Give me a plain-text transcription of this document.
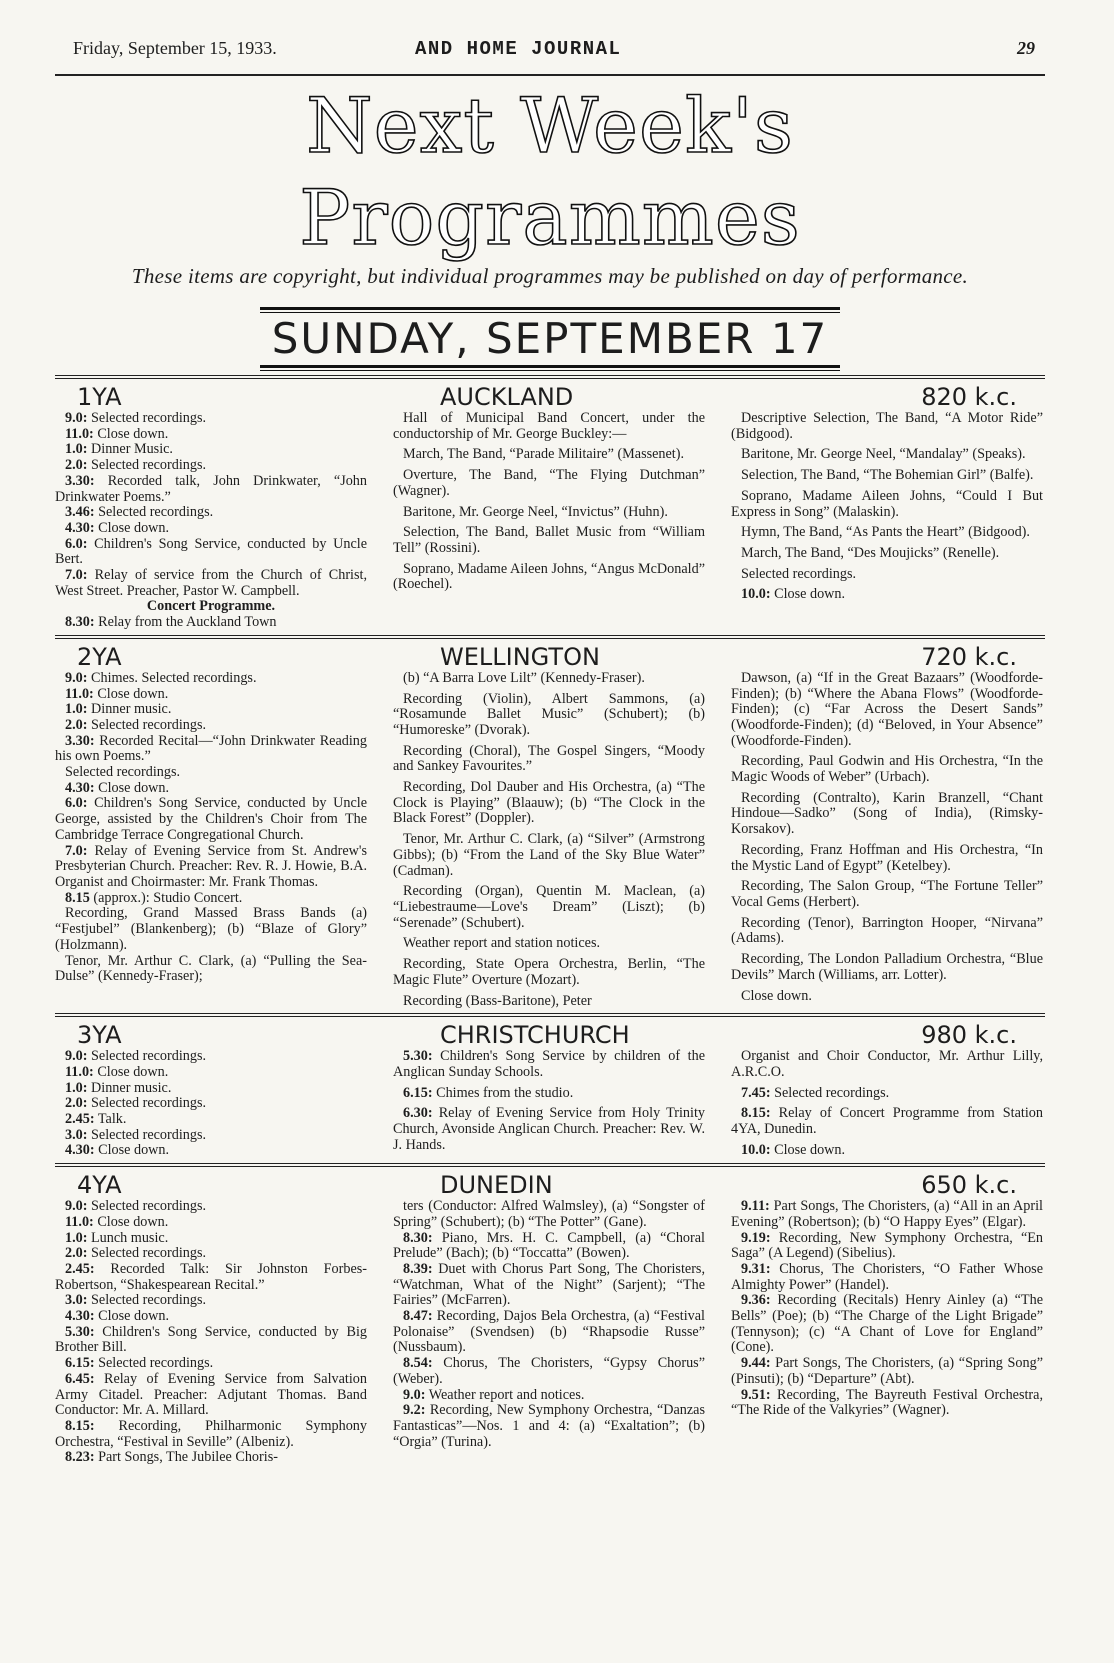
Friday, September 15, 1933.	AND HOME JOURNAL	29
Next Week's Programmes
These items are copyright, but individual programmes may be published on day of performance.
SUNDAY, SEPTEMBER 17
1YA	AUCKLAND	820 k.c.

9.0: Selected recordings.

11.0: Close down.

1.0: Dinner Music.

2.0: Selected recordings.

3.30: Recorded talk, John Drinkwater, “John Drinkwater Poems.”

3.46: Selected recordings.

4.30: Close down.

6.0: Children's Song Service, conducted by Uncle Bert.

7.0: Relay of service from the Church of Christ, West Street. Preacher, Pastor W. Campbell.

Concert Programme.

8.30: Relay from the Auckland Town

Hall of Municipal Band Concert, under the conductorship of Mr. George Buckley:—

March, The Band, “Parade Militaire” (Massenet).

Overture, The Band, “The Flying Dutchman” (Wagner).

Baritone, Mr. George Neel, “Invictus” (Huhn).

Selection, The Band, Ballet Music from “William Tell” (Rossini).

Soprano, Madame Aileen Johns, “Angus McDonald” (Roechel).

Descriptive Selection, The Band, “A Motor Ride” (Bidgood).

Baritone, Mr. George Neel, “Mandalay” (Speaks).

Selection, The Band, “The Bohemian Girl” (Balfe).

Soprano, Madame Aileen Johns, “Could I But Express in Song” (Malaskin).

Hymn, The Band, “As Pants the Heart” (Bidgood).

March, The Band, “Des Moujicks” (Renelle).

Selected recordings.

10.0: Close down.

2YA	WELLINGTON	720 k.c.

9.0: Chimes. Selected recordings.

11.0: Close down.

1.0: Dinner music.

2.0: Selected recordings.

3.30: Recorded Recital—“John Drinkwater Reading his own Poems.”

Selected recordings.

4.30: Close down.

6.0: Children's Song Service, conducted by Uncle George, assisted by the Children's Choir from The Cambridge Terrace Congregational Church.

7.0: Relay of Evening Service from St. Andrew's Presbyterian Church. Preacher: Rev. R. J. Howie, B.A. Organist and Choirmaster: Mr. Frank Thomas.

8.15 (approx.): Studio Concert.

Recording, Grand Massed Brass Bands (a) “Festjubel” (Blankenberg); (b) “Blaze of Glory” (Holzmann).

Tenor, Mr. Arthur C. Clark, (a) “Pulling the Sea-Dulse” (Kennedy-Fraser);

(b) “A Barra Love Lilt” (Kennedy-Fraser).

Recording (Violin), Albert Sammons, (a) “Rosamunde Ballet Music” (Schubert); (b) “Humoreske” (Dvorak).

Recording (Choral), The Gospel Singers, “Moody and Sankey Favourites.”

Recording, Dol Dauber and His Orchestra, (a) “The Clock is Playing” (Blaauw); (b) “The Clock in the Black Forest” (Doppler).

Tenor, Mr. Arthur C. Clark, (a) “Silver” (Armstrong Gibbs); (b) “From the Land of the Sky Blue Water” (Cadman).

Recording (Organ), Quentin M. Maclean, (a) “Liebestraume—Love's Dream” (Liszt); (b) “Serenade” (Schubert).

Weather report and station notices.

Recording, State Opera Orchestra, Berlin, “The Magic Flute” Overture (Mozart).

Recording (Bass-Baritone), Peter

Dawson, (a) “If in the Great Bazaars” (Woodforde-Finden); (b) “Where the Abana Flows” (Woodforde-Finden); (c) “Far Across the Desert Sands” (Woodforde-Finden); (d) “Beloved, in Your Absence” (Woodforde-Finden).

Recording, Paul Godwin and His Orchestra, “In the Magic Woods of Weber” (Urbach).

Recording (Contralto), Karin Branzell, “Chant Hindoue—Sadko” (Song of India), (Rimsky-Korsakov).

Recording, Franz Hoffman and His Orchestra, “In the Mystic Land of Egypt” (Ketelbey).

Recording, The Salon Group, “The Fortune Teller” Vocal Gems (Herbert).

Recording (Tenor), Barrington Hooper, “Nirvana” (Adams).

Recording, The London Palladium Orchestra, “Blue Devils” March (Williams, arr. Lotter).

Close down.

3YA	CHRISTCHURCH	980 k.c.

9.0: Selected recordings.

11.0: Close down.

1.0: Dinner music.

2.0: Selected recordings.

2.45: Talk.

3.0: Selected recordings.

4.30: Close down.

5.30: Children's Song Service by children of the Anglican Sunday Schools.

6.15: Chimes from the studio.

6.30: Relay of Evening Service from Holy Trinity Church, Avonside Anglican Church. Preacher: Rev. W. J. Hands.

Organist and Choir Conductor, Mr. Arthur Lilly, A.R.C.O.

7.45: Selected recordings.

8.15: Relay of Concert Programme from Station 4YA, Dunedin.

10.0: Close down.

4YA	DUNEDIN	650 k.c.

9.0: Selected recordings.

11.0: Close down.

1.0: Lunch music.

2.0: Selected recordings.

2.45: Recorded Talk: Sir Johnston Forbes-Robertson, “Shakespearean Recital.”

3.0: Selected recordings.

4.30: Close down.

5.30: Children's Song Service, conducted by Big Brother Bill.

6.15: Selected recordings.

6.45: Relay of Evening Service from Salvation Army Citadel. Preacher: Adjutant Thomas. Band Conductor: Mr. A. Millard.

8.15: Recording, Philharmonic Symphony Orchestra, “Festival in Seville” (Albeniz).

8.23: Part Songs, The Jubilee Choris-

ters (Conductor: Alfred Walmsley), (a) “Songster of Spring” (Schubert); (b) “The Potter” (Gane).

8.30: Piano, Mrs. H. C. Campbell, (a) “Choral Prelude” (Bach); (b) “Toccatta” (Bowen).

8.39: Duet with Chorus Part Song, The Choristers, “Watchman, What of the Night” (Sarjent); “The Fairies” (McFarren).

8.47: Recording, Dajos Bela Orchestra, (a) “Festival Polonaise” (Svendsen) (b) “Rhapsodie Russe” (Nussbaum).

8.54: Chorus, The Choristers, “Gypsy Chorus” (Weber).

9.0: Weather report and notices.

9.2: Recording, New Symphony Orchestra, “Danzas Fantasticas”—Nos. 1 and 4: (a) “Exaltation”; (b) “Orgia” (Turina).

9.11: Part Songs, The Choristers, (a) “All in an April Evening” (Robertson); (b) “O Happy Eyes” (Elgar).

9.19: Recording, New Symphony Orchestra, “En Saga” (A Legend) (Sibelius).

9.31: Chorus, The Choristers, “O Father Whose Almighty Power” (Handel).

9.36: Recording (Recitals) Henry Ainley (a) “The Bells” (Poe); (b) “The Charge of the Light Brigade” (Tennyson); (c) “A Chant of Love for England” (Cone).

9.44: Part Songs, The Choristers, (a) “Spring Song” (Pinsuti); (b) “Departure” (Abt).

9.51: Recording, The Bayreuth Festival Orchestra, “The Ride of the Valkyries” (Wagner).
